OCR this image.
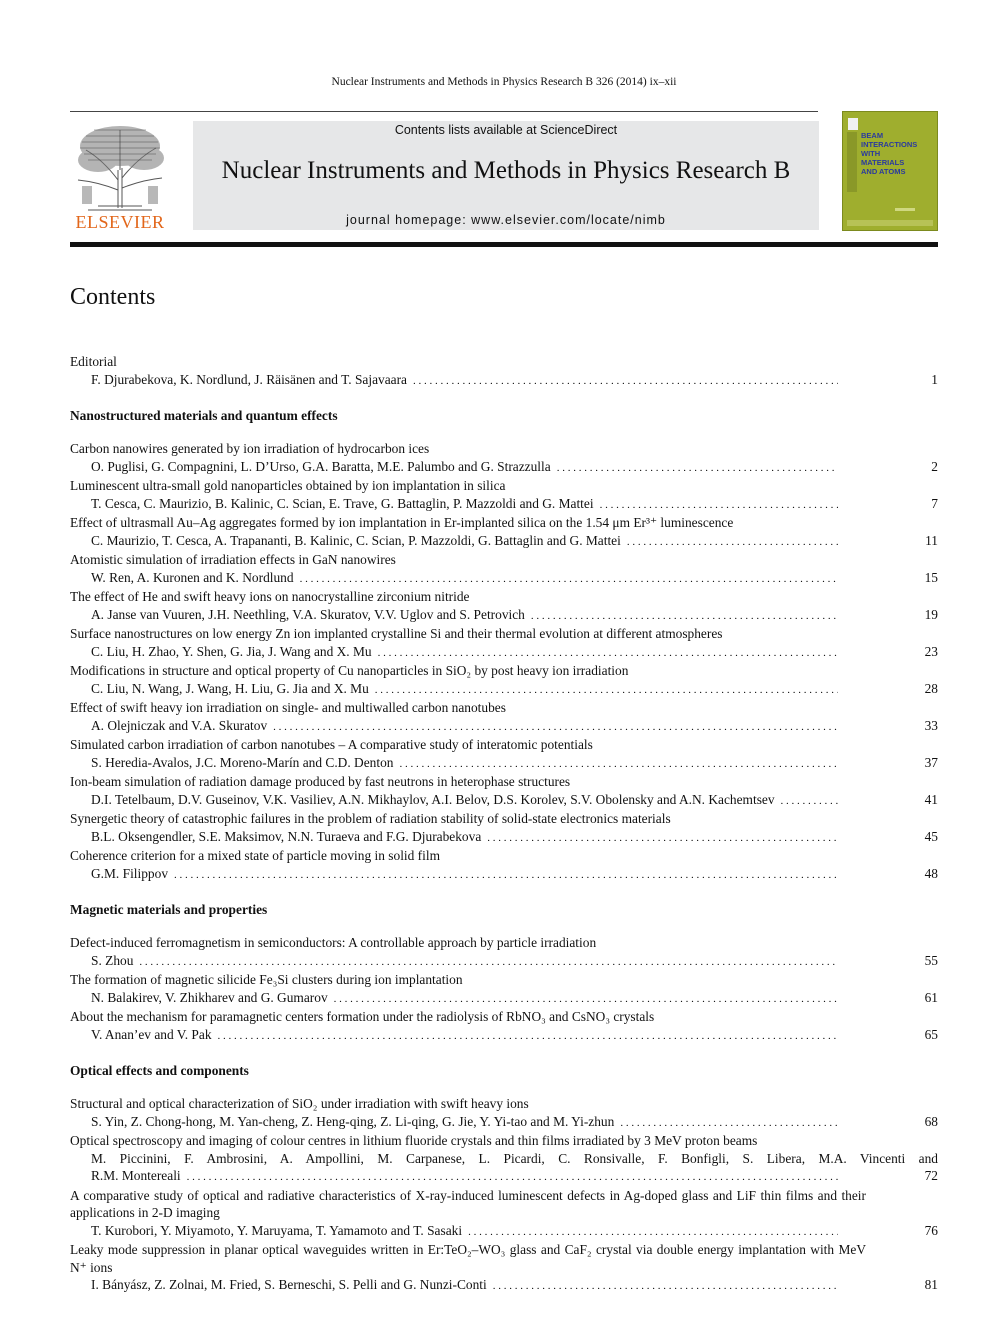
Nuclear Instruments and Methods in Physics Research B 326 (2014) ix–xii
ELSEVIER
Contents lists available at ScienceDirect
Nuclear Instruments and Methods in Physics Research B
journal homepage: www.elsevier.com/locate/nimb
BEAM
INTERACTIONS
WITH
MATERIALS
AND ATOMS
Contents
Editorial
F. Djurabekova, K. Nordlund, J. Räisänen and T. Sajavaara . . .	1
Nanostructured materials and quantum effects
Carbon nanowires generated by ion irradiation of hydrocarbon ices
O. Puglisi, G. Compagnini, L. D’Urso, G.A. Baratta, M.E. Palumbo and G. Strazzulla . . .	2
Luminescent ultra-small gold nanoparticles obtained by ion implantation in silica
T. Cesca, C. Maurizio, B. Kalinic, C. Scian, E. Trave, G. Battaglin, P. Mazzoldi and G. Mattei . . .	7
Effect of ultrasmall Au–Ag aggregates formed by ion implantation in Er-implanted silica on the 1.54 μm Er³⁺ luminescence
C. Maurizio, T. Cesca, A. Trapananti, B. Kalinic, C. Scian, P. Mazzoldi, G. Battaglin and G. Mattei . . .	11
Atomistic simulation of irradiation effects in GaN nanowires
W. Ren, A. Kuronen and K. Nordlund . . .	15
The effect of He and swift heavy ions on nanocrystalline zirconium nitride
A. Janse van Vuuren, J.H. Neethling, V.A. Skuratov, V.V. Uglov and S. Petrovich . . .	19
Surface nanostructures on low energy Zn ion implanted crystalline Si and their thermal evolution at different atmospheres
C. Liu, H. Zhao, Y. Shen, G. Jia, J. Wang and X. Mu . . .	23
Modifications in structure and optical property of Cu nanoparticles in SiO₂ by post heavy ion irradiation
C. Liu, N. Wang, J. Wang, H. Liu, G. Jia and X. Mu . . .	28
Effect of swift heavy ion irradiation on single- and multiwalled carbon nanotubes
A. Olejniczak and V.A. Skuratov . . .	33
Simulated carbon irradiation of carbon nanotubes – A comparative study of interatomic potentials
S. Heredia-Avalos, J.C. Moreno-Marín and C.D. Denton . . .	37
Ion-beam simulation of radiation damage produced by fast neutrons in heterophase structures
D.I. Tetelbaum, D.V. Guseinov, V.K. Vasiliev, A.N. Mikhaylov, A.I. Belov, D.S. Korolev, S.V. Obolensky and A.N. Kachemtsev . . .	41
Synergetic theory of catastrophic failures in the problem of radiation stability of solid-state electronics materials
B.L. Oksengendler, S.E. Maksimov, N.N. Turaeva and F.G. Djurabekova . . .	45
Coherence criterion for a mixed state of particle moving in solid film
G.M. Filippov . . .	48
Magnetic materials and properties
Defect-induced ferromagnetism in semiconductors: A controllable approach by particle irradiation
S. Zhou . . .	55
The formation of magnetic silicide Fe₃Si clusters during ion implantation
N. Balakirev, V. Zhikharev and G. Gumarov . . .	61
About the mechanism for paramagnetic centers formation under the radiolysis of RbNO₃ and CsNO₃ crystals
V. Anan’ev and V. Pak . . .	65
Optical effects and components
Structural and optical characterization of SiO₂ under irradiation with swift heavy ions
S. Yin, Z. Chong-hong, M. Yan-cheng, Z. Heng-qing, Z. Li-qing, G. Jie, Y. Yi-tao and M. Yi-zhun . . .	68
Optical spectroscopy and imaging of colour centres in lithium fluoride crystals and thin films irradiated by 3 MeV proton beams
M. Piccinini, F. Ambrosini, A. Ampollini, M. Carpanese, L. Picardi, C. Ronsivalle, F. Bonfigli, S. Libera, M.A. Vincenti and
R.M. Montereali . . .	72
A comparative study of optical and radiative characteristics of X-ray-induced luminescent defects in Ag-doped glass and LiF thin films and their applications in 2-D imaging
T. Kurobori, Y. Miyamoto, Y. Maruyama, T. Yamamoto and T. Sasaki . . .	76
Leaky mode suppression in planar optical waveguides written in Er:TeO₂–WO₃ glass and CaF₂ crystal via double energy implantation with MeV N⁺ ions
I. Bányász, Z. Zolnai, M. Fried, S. Berneschi, S. Pelli and G. Nunzi-Conti . . .	81
